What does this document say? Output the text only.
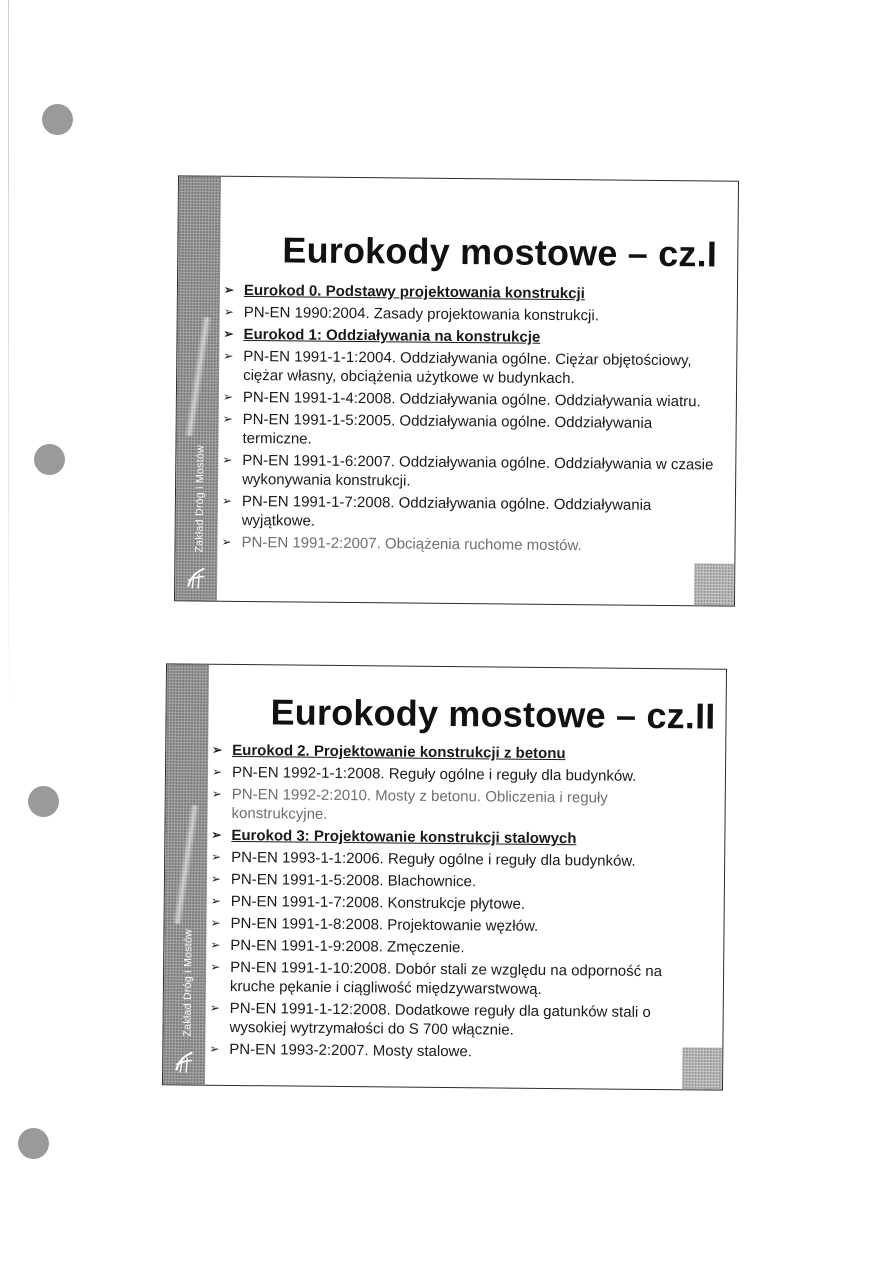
Zakład Dróg i Mostów
Eurokody mostowe – cz.I
➢ Eurokod 0. Podstawy projektowania konstrukcji
➢ PN-EN 1990:2004. Zasady projektowania konstrukcji.
➢ Eurokod 1: Oddziaływania na konstrukcje
➢ PN-EN 1991-1-1:2004. Oddziaływania ogólne. Ciężar objętościowy, ciężar własny, obciążenia użytkowe w budynkach.
➢ PN-EN 1991-1-4:2008. Oddziaływania ogólne. Oddziaływania wiatru.
➢ PN-EN 1991-1-5:2005. Oddziaływania ogólne. Oddziaływania termiczne.
➢ PN-EN 1991-1-6:2007. Oddziaływania ogólne. Oddziaływania w czasie wykonywania konstrukcji.
➢ PN-EN 1991-1-7:2008. Oddziaływania ogólne. Oddziaływania wyjątkowe.
➢ PN-EN 1991-2:2007. Obciążenia ruchome mostów.
Zakład Dróg i Mostów
Eurokody mostowe – cz.II
➢ Eurokod 2. Projektowanie konstrukcji z betonu
➢ PN-EN 1992-1-1:2008. Reguły ogólne i reguły dla budynków.
➢ PN-EN 1992-2:2010. Mosty z betonu. Obliczenia i reguły konstrukcyjne.
➢ Eurokod 3: Projektowanie konstrukcji stalowych
➢ PN-EN 1993-1-1:2006. Reguły ogólne i reguły dla budynków.
➢ PN-EN 1991-1-5:2008. Blachownice.
➢ PN-EN 1991-1-7:2008. Konstrukcje płytowe.
➢ PN-EN 1991-1-8:2008. Projektowanie węzłów.
➢ PN-EN 1991-1-9:2008. Zmęczenie.
➢ PN-EN 1991-1-10:2008. Dobór stali ze względu na odporność na kruche pękanie i ciągliwość międzywarstwową.
➢ PN-EN 1991-1-12:2008. Dodatkowe reguły dla gatunków stali o wysokiej wytrzymałości do S 700 włącznie.
➢ PN-EN 1993-2:2007. Mosty stalowe.
